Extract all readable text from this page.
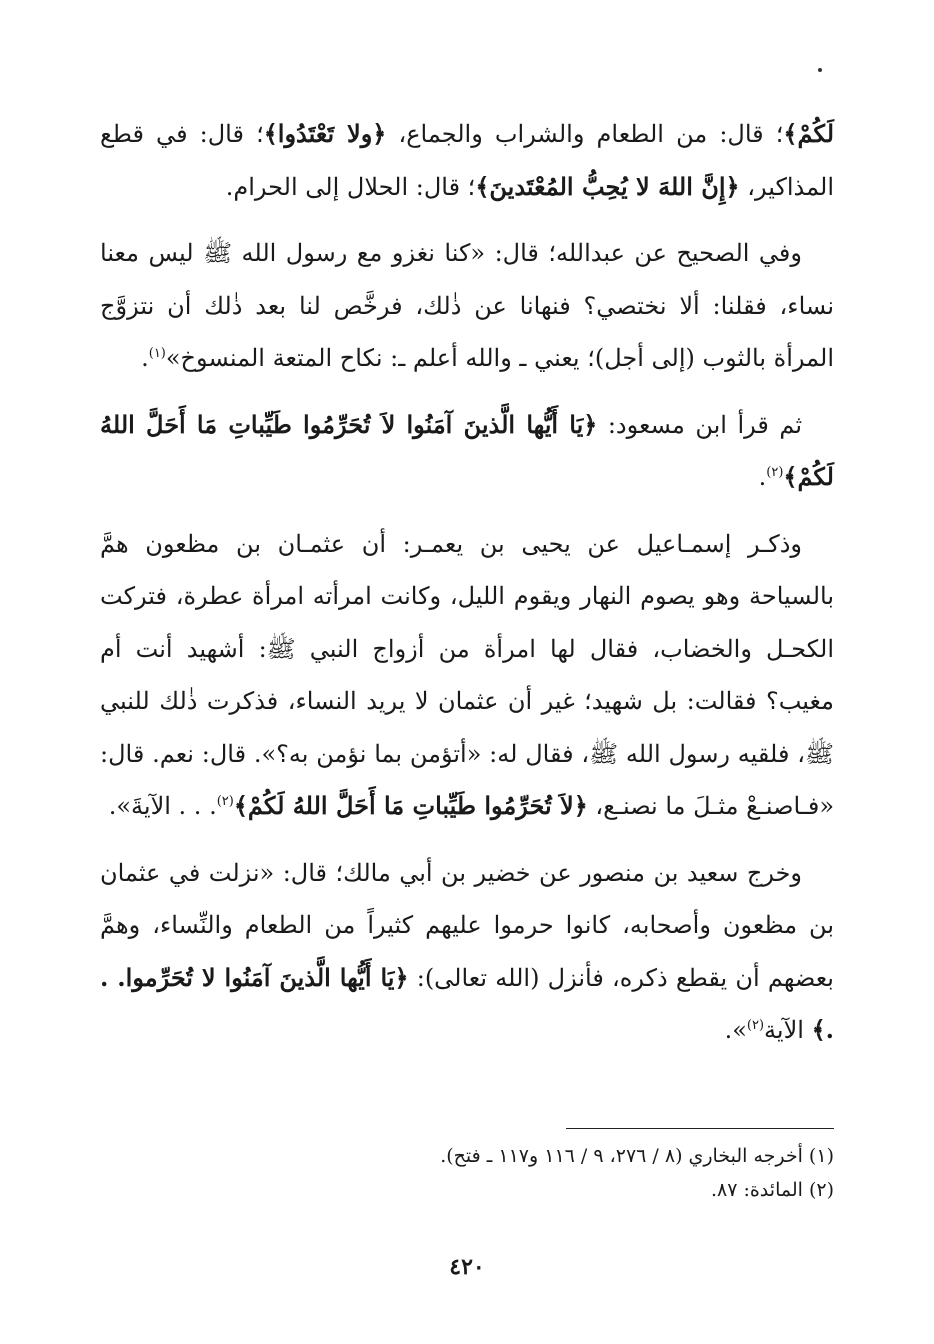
لَكُمْ﴾؛ قال: من الطعام والشراب والجماع، ﴿ولا تَعْتَدُوا﴾؛ قال: في قطع المذاكير، ﴿إِنَّ اللهَ لا يُحِبُّ المُعْتَدينَ﴾؛ قال: الحلال إلى الحرام.

وفي الصحيح عن عبدالله؛ قال: «كنا نغزو مع رسول الله ﷺ ليس معنا نساء، فقلنا: ألا نختصي؟ فنهانا عن ذٰلك، فرخَّص لنا بعد ذٰلك أن نتزوَّج المرأة بالثوب (إلى أجل)؛ يعني ـ والله أعلم ـ: نكاح المتعة المنسوخ»$^{(١)}$.

ثم قرأ ابن مسعود: ﴿يَا أَيُّها الَّذينَ آمَنُوا لاَ تُحَرِّمُوا طَيِّباتِ مَا أَحَلَّ اللهُ لَكُمْ﴾$^{(٢)}$.

وذكـر إسمـاعيل عن يحيى بن يعمـر: أن عثمـان بن مظعون همَّ بالسياحة وهو يصوم النهار ويقوم الليل، وكانت امرأته امرأة عطرة، فتركت الكحـل والخضاب، فقال لها امرأة من أزواج النبي ﷺ: أشهيد أنت أم مغيب؟ فقالت: بل شهيد؛ غير أن عثمان لا يريد النساء، فذكرت ذٰلك للنبي ﷺ، فلقيه رسول الله ﷺ، فقال له: «أتؤمن بما نؤمن به؟». قال: نعم. قال: «فـاصنـعْ مثـلَ ما نصنـع، ﴿لاَ تُحَرِّمُوا طَيِّباتِ مَا أَحَلَّ اللهُ لَكُمْ﴾$^{(٢)}$. . . الآيةَ».

وخرج سعيد بن منصور عن خضير بن أبي مالك؛ قال: «نزلت في عثمان بن مظعون وأصحابه، كانوا حرموا عليهم كثيراً من الطعام والنِّساء، وهمَّ بعضهم أن يقطع ذكره، فأنزل (الله تعالى): ﴿يَا أَيُّها الَّذينَ آمَنُوا لا تُحَرِّموا. . .﴾ الآية$^{(٢)}$».

(١) أخرجه البخاري (٨ / ٢٧٦، ٩ / ١١٦ و١١٧ ـ فتح).
(٢) المائدة: ٨٧.
٤٢٠
